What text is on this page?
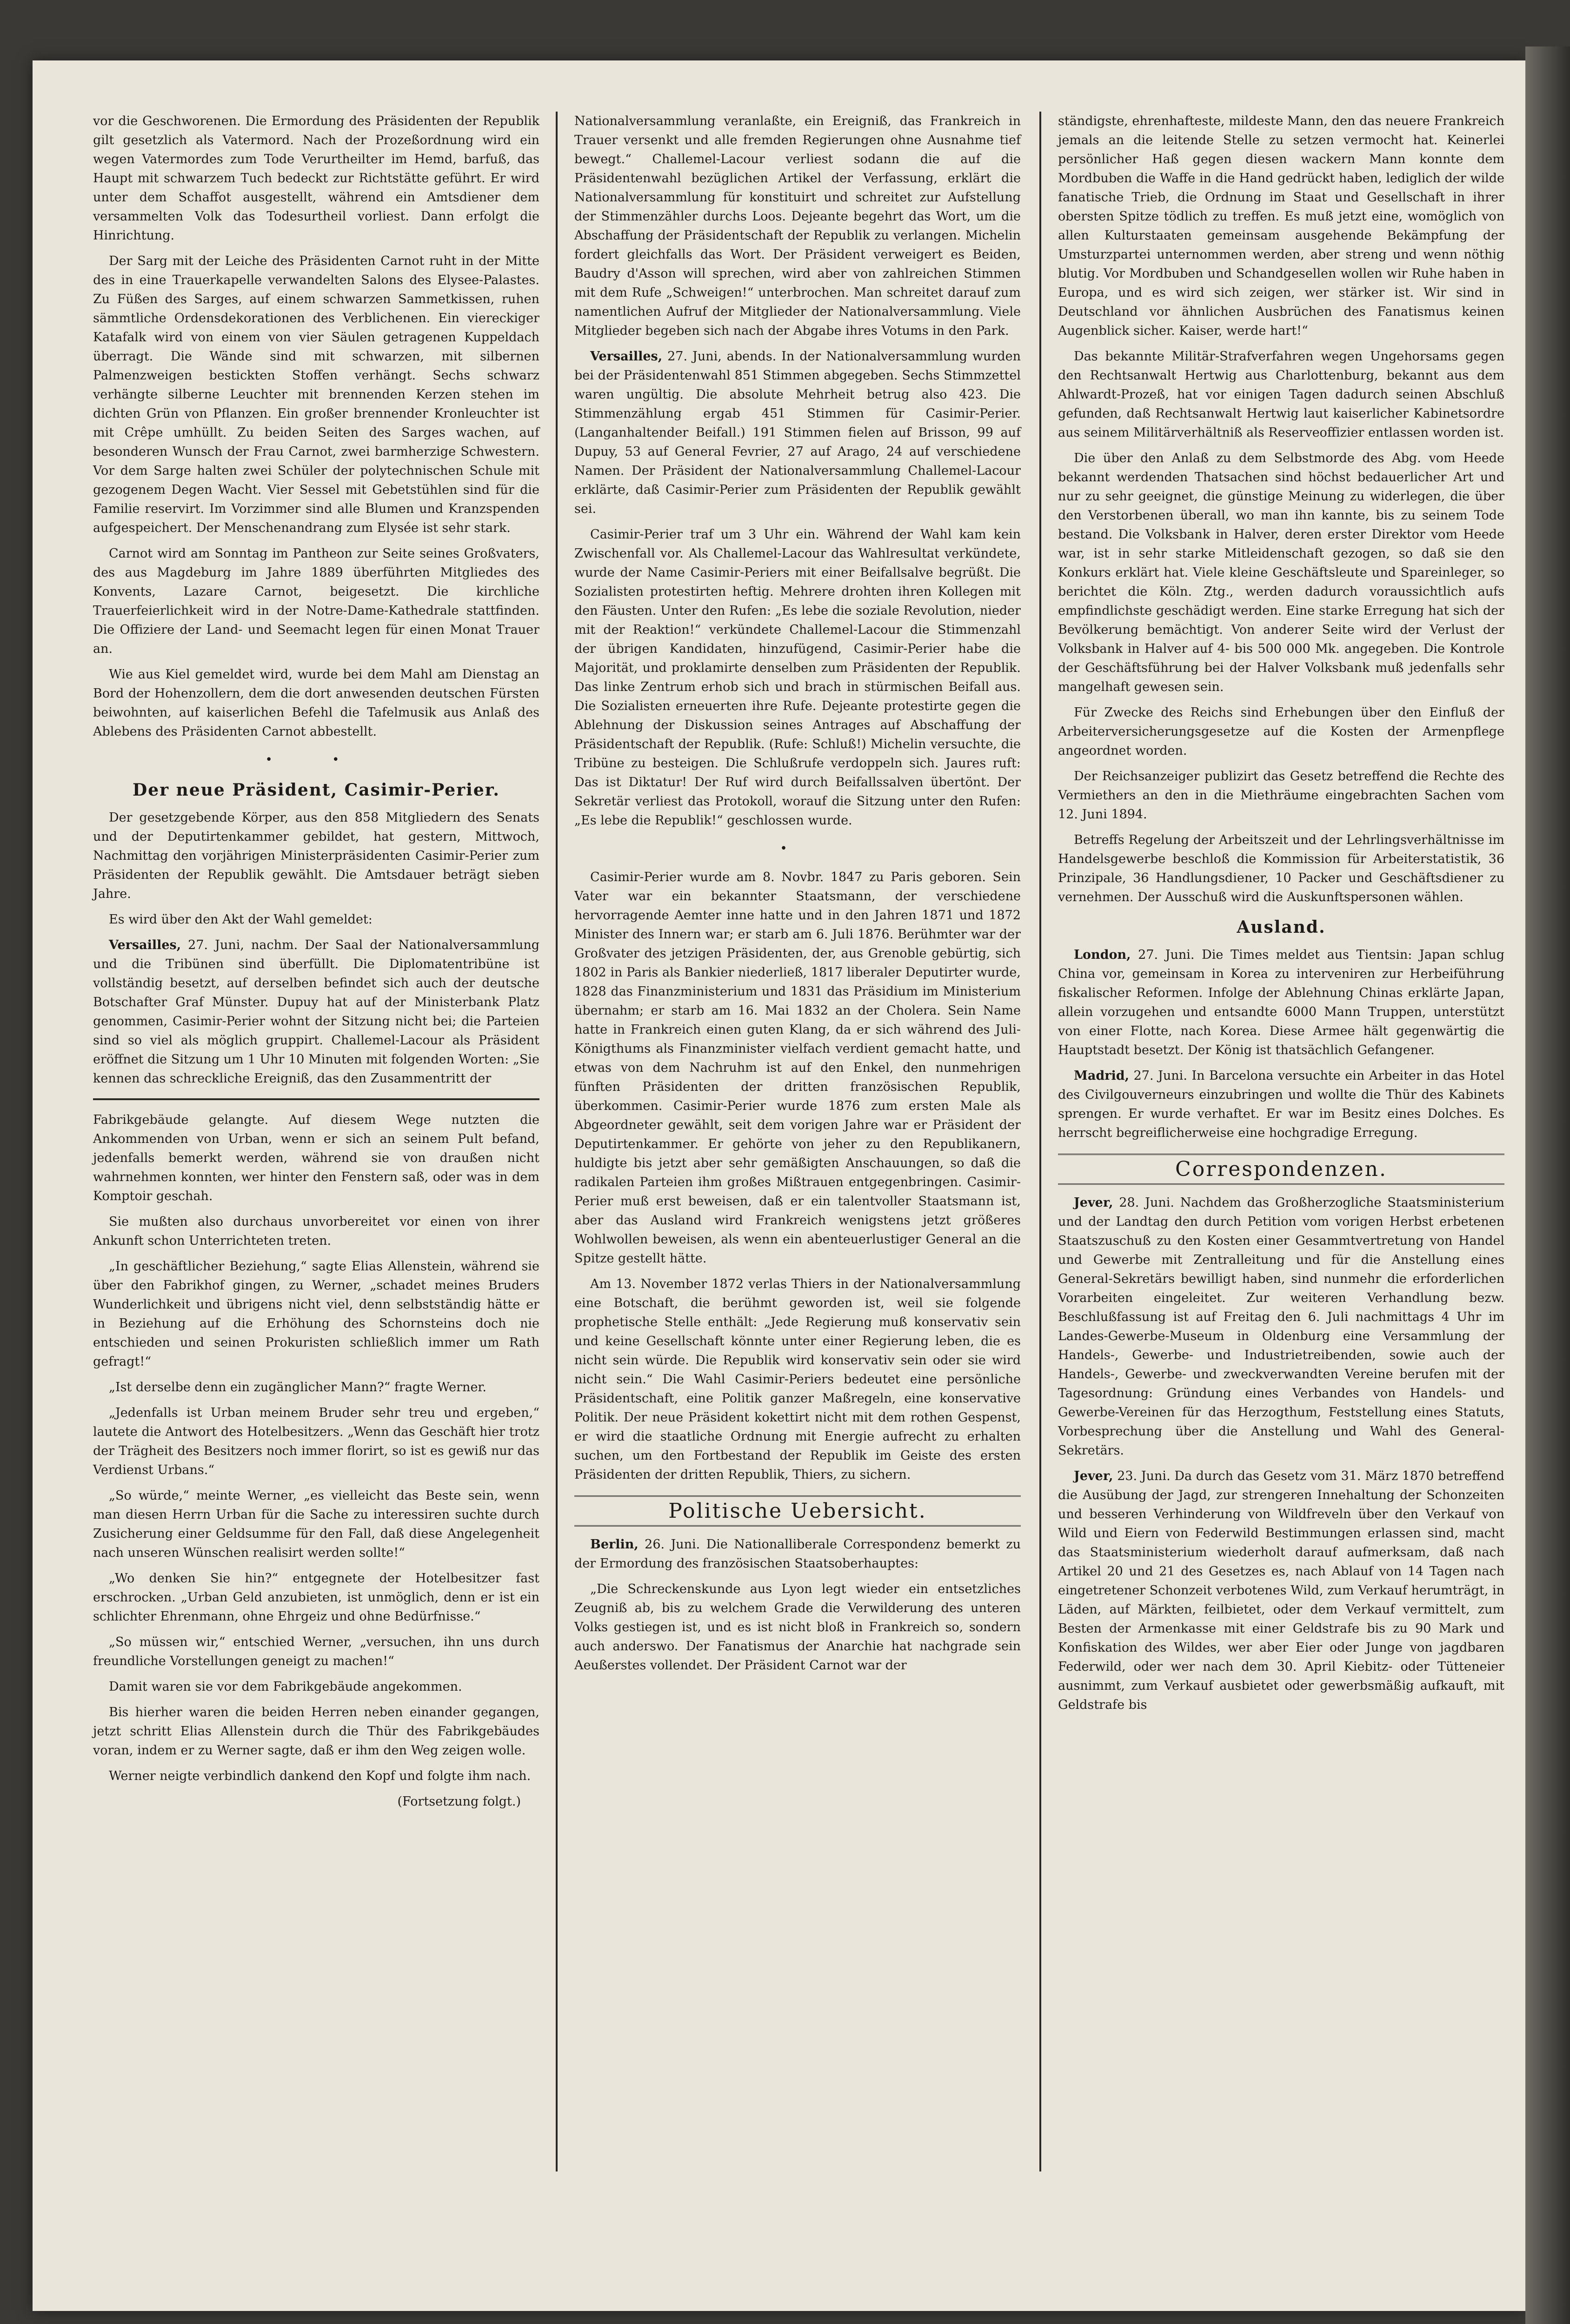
vor die Geschworenen. Die Ermordung des Präsidenten der Republik gilt gesetzlich als Vatermord. Nach der Prozeßordnung wird ein wegen Vatermordes zum Tode Verurtheilter im Hemd, barfuß, das Haupt mit schwarzem Tuch bedeckt zur Richtstätte geführt. Er wird unter dem Schaffot ausgestellt, während ein Amtsdiener dem versammelten Volk das Todesurtheil vorliest. Dann erfolgt die Hinrichtung.

Der Sarg mit der Leiche des Präsidenten Carnot ruht in der Mitte des in eine Trauerkapelle verwandelten Salons des Elysee-Palastes. Zu Füßen des Sarges, auf einem schwarzen Sammetkissen, ruhen sämmtliche Ordensdekorationen des Verblichenen. Ein viereckiger Katafalk wird von einem von vier Säulen getragenen Kuppeldach überragt. Die Wände sind mit schwarzen, mit silbernen Palmenzweigen bestickten Stoffen verhängt. Sechs schwarz verhängte silberne Leuchter mit brennenden Kerzen stehen im dichten Grün von Pflanzen. Ein großer brennender Kronleuchter ist mit Crêpe umhüllt. Zu beiden Seiten des Sarges wachen, auf besonderen Wunsch der Frau Carnot, zwei barmherzige Schwestern. Vor dem Sarge halten zwei Schüler der polytechnischen Schule mit gezogenem Degen Wacht. Vier Sessel mit Gebetstühlen sind für die Familie reservirt. Im Vorzimmer sind alle Blumen und Kranzspenden aufgespeichert. Der Menschenandrang zum Elysée ist sehr stark.

Carnot wird am Sonntag im Pantheon zur Seite seines Großvaters, des aus Magdeburg im Jahre 1889 überführten Mitgliedes des Konvents, Lazare Carnot, beigesetzt. Die kirchliche Trauerfeierlichkeit wird in der Notre-Dame-Kathedrale stattfinden. Die Offiziere der Land- und Seemacht legen für einen Monat Trauer an.

Wie aus Kiel gemeldet wird, wurde bei dem Mahl am Dienstag an Bord der Hohenzollern, dem die dort anwesenden deutschen Fürsten beiwohnten, auf kaiserlichen Befehl die Tafelmusik aus Anlaß des Ablebens des Präsidenten Carnot abbestellt.

• •
Der neue Präsident, Casimir-Perier.

Der gesetzgebende Körper, aus den 858 Mitgliedern des Senats und der Deputirtenkammer gebildet, hat gestern, Mittwoch, Nachmittag den vorjährigen Ministerpräsidenten Casimir-Perier zum Präsidenten der Republik gewählt. Die Amtsdauer beträgt sieben Jahre.

Es wird über den Akt der Wahl gemeldet:

Versailles, 27. Juni, nachm. Der Saal der Nationalversammlung und die Tribünen sind überfüllt. Die Diplomatentribüne ist vollständig besetzt, auf derselben befindet sich auch der deutsche Botschafter Graf Münster. Dupuy hat auf der Ministerbank Platz genommen, Casimir-Perier wohnt der Sitzung nicht bei; die Parteien sind so viel als möglich gruppirt. Challemel-Lacour als Präsident eröffnet die Sitzung um 1 Uhr 10 Minuten mit folgenden Worten: „Sie kennen das schreckliche Ereigniß, das den Zusammentritt der

Fabrikgebäude gelangte. Auf diesem Wege nutzten die Ankommenden von Urban, wenn er sich an seinem Pult befand, jedenfalls bemerkt werden, während sie von draußen nicht wahrnehmen konnten, wer hinter den Fenstern saß, oder was in dem Komptoir geschah.

Sie mußten also durchaus unvorbereitet vor einen von ihrer Ankunft schon Unterrichteten treten.

„In geschäftlicher Beziehung,“ sagte Elias Allenstein, während sie über den Fabrikhof gingen, zu Werner, „schadet meines Bruders Wunderlichkeit und übrigens nicht viel, denn selbstständig hätte er in Beziehung auf die Erhöhung des Schornsteins doch nie entschieden und seinen Prokuristen schließlich immer um Rath gefragt!“

„Ist derselbe denn ein zugänglicher Mann?“ fragte Werner.

„Jedenfalls ist Urban meinem Bruder sehr treu und ergeben,“ lautete die Antwort des Hotelbesitzers. „Wenn das Geschäft hier trotz der Trägheit des Besitzers noch immer florirt, so ist es gewiß nur das Verdienst Urbans.“

„So würde,“ meinte Werner, „es vielleicht das Beste sein, wenn man diesen Herrn Urban für die Sache zu interessiren suchte durch Zusicherung einer Geldsumme für den Fall, daß diese Angelegenheit nach unseren Wünschen realisirt werden sollte!“

„Wo denken Sie hin?“ entgegnete der Hotelbesitzer fast erschrocken. „Urban Geld anzubieten, ist unmöglich, denn er ist ein schlichter Ehrenmann, ohne Ehrgeiz und ohne Bedürfnisse.“

„So müssen wir,“ entschied Werner, „versuchen, ihn uns durch freundliche Vorstellungen geneigt zu machen!“

Damit waren sie vor dem Fabrikgebäude angekommen.

Bis hierher waren die beiden Herren neben einander gegangen, jetzt schritt Elias Allenstein durch die Thür des Fabrikgebäudes voran, indem er zu Werner sagte, daß er ihm den Weg zeigen wolle.

Werner neigte verbindlich dankend den Kopf und folgte ihm nach.

(Fortsetzung folgt.)

Nationalversammlung veranlaßte, ein Ereigniß, das Frankreich in Trauer versenkt und alle fremden Regierungen ohne Ausnahme tief bewegt.“ Challemel-Lacour verliest sodann die auf die Präsidentenwahl bezüglichen Artikel der Verfassung, erklärt die Nationalversammlung für konstituirt und schreitet zur Aufstellung der Stimmenzähler durchs Loos. Dejeante begehrt das Wort, um die Abschaffung der Präsidentschaft der Republik zu verlangen. Michelin fordert gleichfalls das Wort. Der Präsident verweigert es Beiden, Baudry d'Asson will sprechen, wird aber von zahlreichen Stimmen mit dem Rufe „Schweigen!“ unterbrochen. Man schreitet darauf zum namentlichen Aufruf der Mitglieder der Nationalversammlung. Viele Mitglieder begeben sich nach der Abgabe ihres Votums in den Park.

Versailles, 27. Juni, abends. In der Nationalversammlung wurden bei der Präsidentenwahl 851 Stimmen abgegeben. Sechs Stimmzettel waren ungültig. Die absolute Mehrheit betrug also 423. Die Stimmenzählung ergab 451 Stimmen für Casimir-Perier. (Langanhaltender Beifall.) 191 Stimmen fielen auf Brisson, 99 auf Dupuy, 53 auf General Fevrier, 27 auf Arago, 24 auf verschiedene Namen. Der Präsident der Nationalversammlung Challemel-Lacour erklärte, daß Casimir-Perier zum Präsidenten der Republik gewählt sei.

Casimir-Perier traf um 3 Uhr ein. Während der Wahl kam kein Zwischenfall vor. Als Challemel-Lacour das Wahlresultat verkündete, wurde der Name Casimir-Periers mit einer Beifallsalve begrüßt. Die Sozialisten protestirten heftig. Mehrere drohten ihren Kollegen mit den Fäusten. Unter den Rufen: „Es lebe die soziale Revolution, nieder mit der Reaktion!“ verkündete Challemel-Lacour die Stimmenzahl der übrigen Kandidaten, hinzufügend, Casimir-Perier habe die Majorität, und proklamirte denselben zum Präsidenten der Republik. Das linke Zentrum erhob sich und brach in stürmischen Beifall aus. Die Sozialisten erneuerten ihre Rufe. Dejeante protestirte gegen die Ablehnung der Diskussion seines Antrages auf Abschaffung der Präsidentschaft der Republik. (Rufe: Schluß!) Michelin versuchte, die Tribüne zu besteigen. Die Schlußrufe verdoppeln sich. Jaures ruft: Das ist Diktatur! Der Ruf wird durch Beifallssalven übertönt. Der Sekretär verliest das Protokoll, worauf die Sitzung unter den Rufen: „Es lebe die Republik!“ geschlossen wurde.

•

Casimir-Perier wurde am 8. Novbr. 1847 zu Paris geboren. Sein Vater war ein bekannter Staatsmann, der verschiedene hervorragende Aemter inne hatte und in den Jahren 1871 und 1872 Minister des Innern war; er starb am 6. Juli 1876. Berühmter war der Großvater des jetzigen Präsidenten, der, aus Grenoble gebürtig, sich 1802 in Paris als Bankier niederließ, 1817 liberaler Deputirter wurde, 1828 das Finanzministerium und 1831 das Präsidium im Ministerium übernahm; er starb am 16. Mai 1832 an der Cholera. Sein Name hatte in Frankreich einen guten Klang, da er sich während des Juli-Königthums als Finanzminister vielfach verdient gemacht hatte, und etwas von dem Nachruhm ist auf den Enkel, den nunmehrigen fünften Präsidenten der dritten französischen Republik, überkommen. Casimir-Perier wurde 1876 zum ersten Male als Abgeordneter gewählt, seit dem vorigen Jahre war er Präsident der Deputirtenkammer. Er gehörte von jeher zu den Republikanern, huldigte bis jetzt aber sehr gemäßigten Anschauungen, so daß die radikalen Parteien ihm großes Mißtrauen entgegenbringen. Casimir-Perier muß erst beweisen, daß er ein talentvoller Staatsmann ist, aber das Ausland wird Frankreich wenigstens jetzt größeres Wohlwollen beweisen, als wenn ein abenteuerlustiger General an die Spitze gestellt hätte.

Am 13. November 1872 verlas Thiers in der Nationalversammlung eine Botschaft, die berühmt geworden ist, weil sie folgende prophetische Stelle enthält: „Jede Regierung muß konservativ sein und keine Gesellschaft könnte unter einer Regierung leben, die es nicht sein würde. Die Republik wird konservativ sein oder sie wird nicht sein.“ Die Wahl Casimir-Periers bedeutet eine persönliche Präsidentschaft, eine Politik ganzer Maßregeln, eine konservative Politik. Der neue Präsident kokettirt nicht mit dem rothen Gespenst, er wird die staatliche Ordnung mit Energie aufrecht zu erhalten suchen, um den Fortbestand der Republik im Geiste des ersten Präsidenten der dritten Republik, Thiers, zu sichern.

Politische Uebersicht.

Berlin, 26. Juni. Die Nationalliberale Correspondenz bemerkt zu der Ermordung des französischen Staatsoberhauptes:

„Die Schreckenskunde aus Lyon legt wieder ein entsetzliches Zeugniß ab, bis zu welchem Grade die Verwilderung des unteren Volks gestiegen ist, und es ist nicht bloß in Frankreich so, sondern auch anderswo. Der Fanatismus der Anarchie hat nachgrade sein Aeußerstes vollendet. Der Präsident Carnot war der

ständigste, ehrenhafteste, mildeste Mann, den das neuere Frankreich jemals an die leitende Stelle zu setzen vermocht hat. Keinerlei persönlicher Haß gegen diesen wackern Mann konnte dem Mordbuben die Waffe in die Hand gedrückt haben, lediglich der wilde fanatische Trieb, die Ordnung im Staat und Gesellschaft in ihrer obersten Spitze tödlich zu treffen. Es muß jetzt eine, womöglich von allen Kulturstaaten gemeinsam ausgehende Bekämpfung der Umsturzpartei unternommen werden, aber streng und wenn nöthig blutig. Vor Mordbuben und Schandgesellen wollen wir Ruhe haben in Europa, und es wird sich zeigen, wer stärker ist. Wir sind in Deutschland vor ähnlichen Ausbrüchen des Fanatismus keinen Augenblick sicher. Kaiser, werde hart!“

Das bekannte Militär-Strafverfahren wegen Ungehorsams gegen den Rechtsanwalt Hertwig aus Charlottenburg, bekannt aus dem Ahlwardt-Prozeß, hat vor einigen Tagen dadurch seinen Abschluß gefunden, daß Rechtsanwalt Hertwig laut kaiserlicher Kabinetsordre aus seinem Militärverhältniß als Reserveoffizier entlassen worden ist.

Die über den Anlaß zu dem Selbstmorde des Abg. vom Heede bekannt werdenden Thatsachen sind höchst bedauerlicher Art und nur zu sehr geeignet, die günstige Meinung zu widerlegen, die über den Verstorbenen überall, wo man ihn kannte, bis zu seinem Tode bestand. Die Volksbank in Halver, deren erster Direktor vom Heede war, ist in sehr starke Mitleidenschaft gezogen, so daß sie den Konkurs erklärt hat. Viele kleine Geschäftsleute und Spareinleger, so berichtet die Köln. Ztg., werden dadurch voraussichtlich aufs empfindlichste geschädigt werden. Eine starke Erregung hat sich der Bevölkerung bemächtigt. Von anderer Seite wird der Verlust der Volksbank in Halver auf 4- bis 500 000 Mk. angegeben. Die Kontrole der Geschäftsführung bei der Halver Volksbank muß jedenfalls sehr mangelhaft gewesen sein.

Für Zwecke des Reichs sind Erhebungen über den Einfluß der Arbeiterversicherungsgesetze auf die Kosten der Armenpflege angeordnet worden.

Der Reichsanzeiger publizirt das Gesetz betreffend die Rechte des Vermiethers an den in die Miethräume eingebrachten Sachen vom 12. Juni 1894.

Betreffs Regelung der Arbeitszeit und der Lehrlingsverhältnisse im Handelsgewerbe beschloß die Kommission für Arbeiterstatistik, 36 Prinzipale, 36 Handlungsdiener, 10 Packer und Geschäftsdiener zu vernehmen. Der Ausschuß wird die Auskunftspersonen wählen.

Ausland.

London, 27. Juni. Die Times meldet aus Tientsin: Japan schlug China vor, gemeinsam in Korea zu interveniren zur Herbeiführung fiskalischer Reformen. Infolge der Ablehnung Chinas erklärte Japan, allein vorzugehen und entsandte 6000 Mann Truppen, unterstützt von einer Flotte, nach Korea. Diese Armee hält gegenwärtig die Hauptstadt besetzt. Der König ist thatsächlich Gefangener.

Madrid, 27. Juni. In Barcelona versuchte ein Arbeiter in das Hotel des Civilgouverneurs einzubringen und wollte die Thür des Kabinets sprengen. Er wurde verhaftet. Er war im Besitz eines Dolches. Es herrscht begreiflicherweise eine hochgradige Erregung.

Correspondenzen.

Jever, 28. Juni. Nachdem das Großherzogliche Staatsministerium und der Landtag den durch Petition vom vorigen Herbst erbetenen Staatszuschuß zu den Kosten einer Gesammtvertretung von Handel und Gewerbe mit Zentralleitung und für die Anstellung eines General-Sekretärs bewilligt haben, sind nunmehr die erforderlichen Vorarbeiten eingeleitet. Zur weiteren Verhandlung bezw. Beschlußfassung ist auf Freitag den 6. Juli nachmittags 4 Uhr im Landes-Gewerbe-Museum in Oldenburg eine Versammlung der Handels-, Gewerbe- und Industrietreibenden, sowie auch der Handels-, Gewerbe- und zweckverwandten Vereine berufen mit der Tagesordnung: Gründung eines Verbandes von Handels- und Gewerbe-Vereinen für das Herzogthum, Feststellung eines Statuts, Vorbesprechung über die Anstellung und Wahl des General-Sekretärs.

Jever, 23. Juni. Da durch das Gesetz vom 31. März 1870 betreffend die Ausübung der Jagd, zur strengeren Innehaltung der Schonzeiten und besseren Verhinderung von Wildfreveln über den Verkauf von Wild und Eiern von Federwild Bestimmungen erlassen sind, macht das Staatsministerium wiederholt darauf aufmerksam, daß nach Artikel 20 und 21 des Gesetzes es, nach Ablauf von 14 Tagen nach eingetretener Schonzeit verbotenes Wild, zum Verkauf herumträgt, in Läden, auf Märkten, feilbietet, oder dem Verkauf vermittelt, zum Besten der Armenkasse mit einer Geldstrafe bis zu 90 Mark und Konfiskation des Wildes, wer aber Eier oder Junge von jagdbaren Federwild, oder wer nach dem 30. April Kiebitz- oder Tütteneier ausnimmt, zum Verkauf ausbietet oder gewerbsmäßig aufkauft, mit Geldstrafe bis
